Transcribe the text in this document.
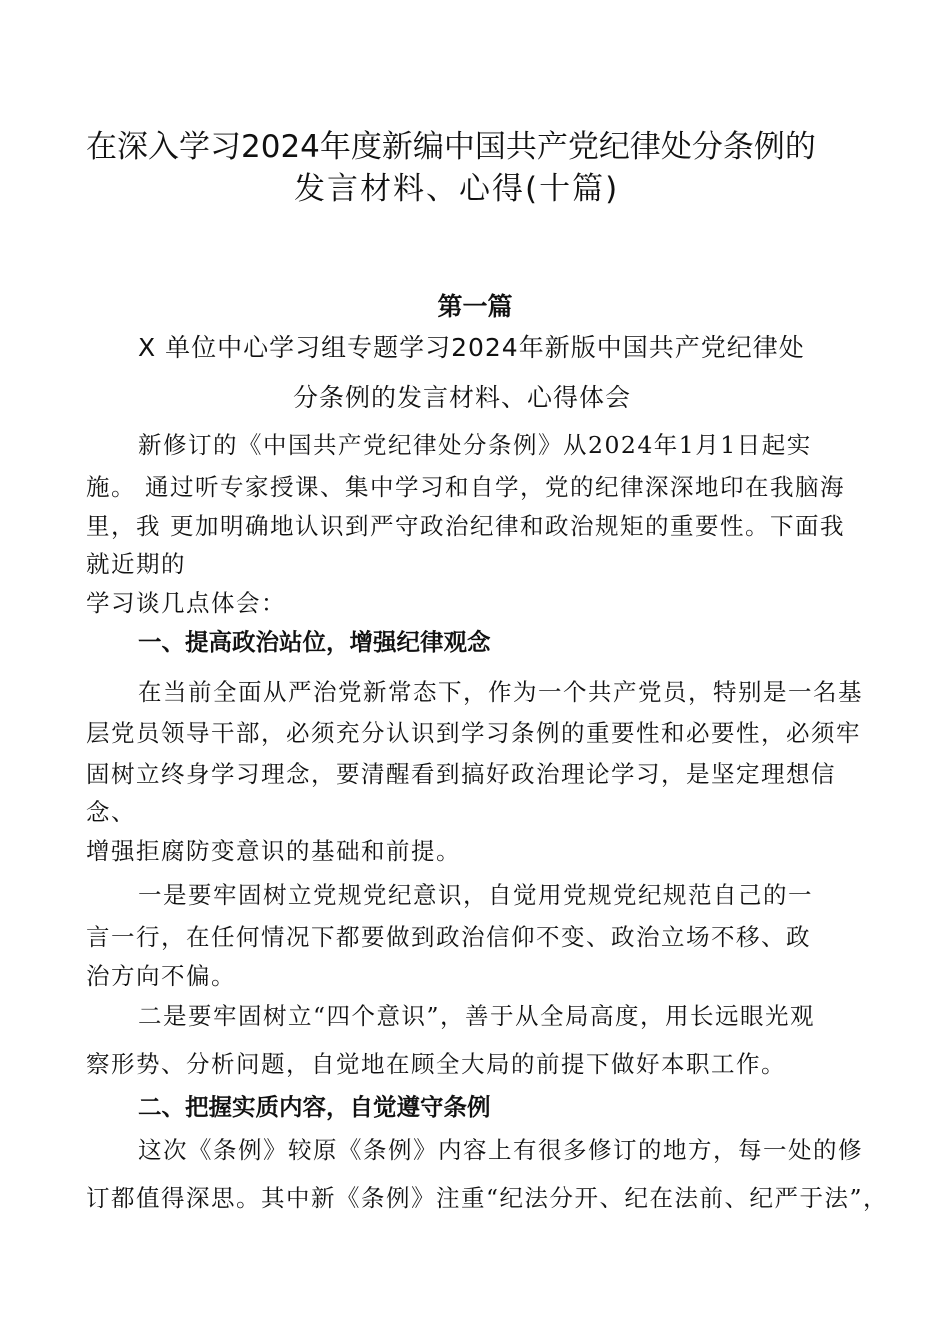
在深入学习2024年度新编中国共产党纪律处分条例的
发言材料、心得(十篇)
第一篇
X 单位中心学习组专题学习2024年新版中国共产党纪律处
分条例的发言材料、心得体会
新修订的《中国共产党纪律处分条例》从2024年1月1日起实
施。 通过听专家授课、集中学习和自学，党的纪律深深地印在我脑海
里，我 更加明确地认识到严守政治纪律和政治规矩的重要性。下面我
就近期的
学习谈几点体会：
一、提高政治站位，增强纪律观念
在当前全面从严治党新常态下，作为一个共产党员，特别是一名基
层党员领导干部，必须充分认识到学习条例的重要性和必要性，必须牢
固树立终身学习理念，要清醒看到搞好政治理论学习，是坚定理想信
念、
增强拒腐防变意识的基础和前提。
一是要牢固树立党规党纪意识，自觉用党规党纪规范自己的一
言一行，在任何情况下都要做到政治信仰不变、政治立场不移、政
治方向不偏。
二是要牢固树立“四个意识”，善于从全局高度，用长远眼光观
察形势、分析问题，自觉地在顾全大局的前提下做好本职工作。
二、把握实质内容，自觉遵守条例
这次《条例》较原《条例》内容上有很多修订的地方，每一处的修
订都值得深思。其中新《条例》注重“纪法分开、纪在法前、纪严于法”，
